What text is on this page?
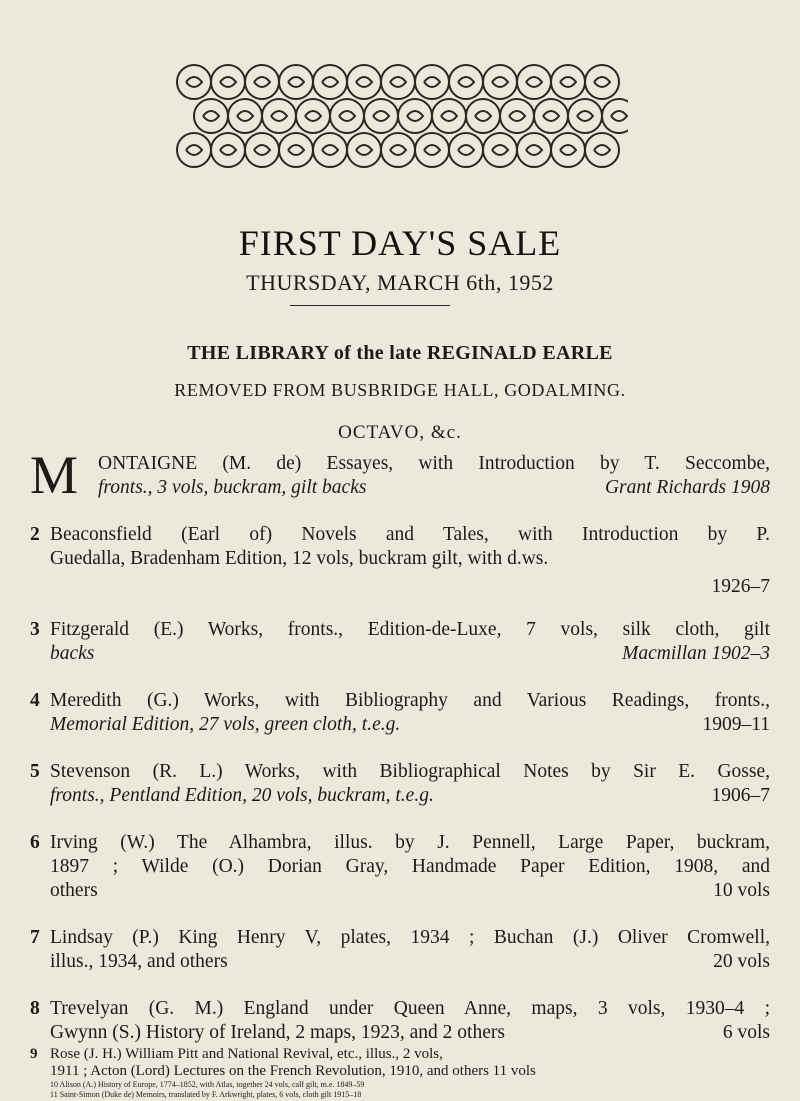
FIRST DAY'S SALE
THURSDAY, MARCH 6th, 1952
THE LIBRARY of the late REGINALD EARLE
REMOVED FROM BUSBRIDGE HALL, GODALMING.
OCTAVO, &c.
M ONTAIGNE (M. de) Essayes, with Introduction by T. Seccombe,
fronts., 3 vols, buckram, gilt backs	Grant Richards 1908
2 Beaconsfield (Earl of) Novels and Tales, with Introduction by P.
Guedalla, Bradenham Edition, 12 vols, buckram gilt, with d.ws.
1926–7
3 Fitzgerald (E.) Works, fronts., Edition-de-Luxe, 7 vols, silk cloth, gilt
backs	Macmillan 1902–3
4 Meredith (G.) Works, with Bibliography and Various Readings, fronts.,
Memorial Edition, 27 vols, green cloth, t.e.g.	1909–11
5 Stevenson (R. L.) Works, with Bibliographical Notes by Sir E. Gosse,
fronts., Pentland Edition, 20 vols, buckram, t.e.g.	1906–7
6 Irving (W.) The Alhambra, illus. by J. Pennell, Large Paper, buckram,
1897 ; Wilde (O.) Dorian Gray, Handmade Paper Edition, 1908, and
others	10 vols
7 Lindsay (P.) King Henry V, plates, 1934 ; Buchan (J.) Oliver Cromwell,
illus., 1934, and others	20 vols
8 Trevelyan (G. M.) England under Queen Anne, maps, 3 vols, 1930–4 ;
Gwynn (S.) History of Ireland, 2 maps, 1923, and 2 others	6 vols
9 Rose (J. H.) William Pitt and National Revival, etc., illus., 2 vols,
1911 ; Acton (Lord) Lectures on the French Revolution, 1910, and others 11 vols
10 Alison (A.) History of Europe, 1774–1852, with Atlas, together 24 vols, calf gilt, m.e. 1849–59
11 Saint-Simon (Duke de) Memoirs, translated by F. Arkwright, plates, 6 vols, cloth gilt 1915–18
